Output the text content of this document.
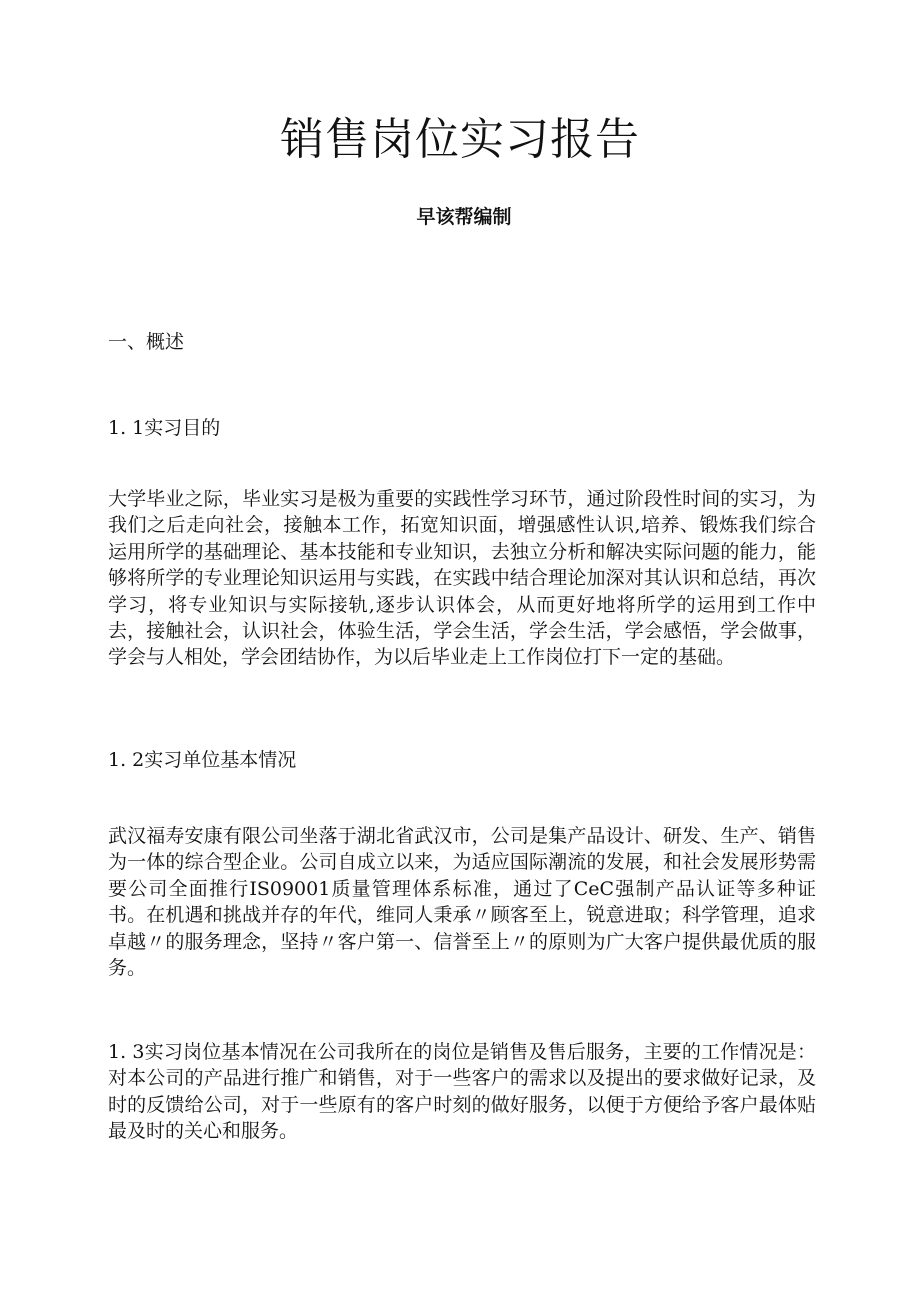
销售岗位实习报告

早该帮编制

一、概述

1. 1实习目的

大学毕业之际，毕业实习是极为重要的实践性学习环节，通过阶段性时间的实习，为我们之后走向社会，接触本工作，拓宽知识面，增强感性认识,培养、锻炼我们综合运用所学的基础理论、基本技能和专业知识，去独立分析和解决实际问题的能力，能够将所学的专业理论知识运用与实践，在实践中结合理论加深对其认识和总结，再次学习，将专业知识与实际接轨,逐步认识体会，从而更好地将所学的运用到工作中去，接触社会，认识社会，体验生活，学会生活，学会生活，学会感悟，学会做事，学会与人相处，学会团结协作，为以后毕业走上工作岗位打下一定的基础。

1. 2实习单位基本情况

武汉福寿安康有限公司坐落于湖北省武汉市，公司是集产品设计、研发、生产、销售为一体的综合型企业。公司自成立以来，为适应国际潮流的发展，和社会发展形势需要公司全面推行IS09001质量管理体系标准，通过了CeC强制产品认证等多种证书。在机遇和挑战并存的年代，维同人秉承〃顾客至上，锐意进取；科学管理，追求卓越〃的服务理念，坚持〃客户第一、信誉至上〃的原则为广大客户提供最优质的服务。

1. 3实习岗位基本情况在公司我所在的岗位是销售及售后服务，主要的工作情况是：对本公司的产品进行推广和销售，对于一些客户的需求以及提出的要求做好记录，及时的反馈给公司，对于一些原有的客户时刻的做好服务，以便于方便给予客户最体贴最及时的关心和服务。
